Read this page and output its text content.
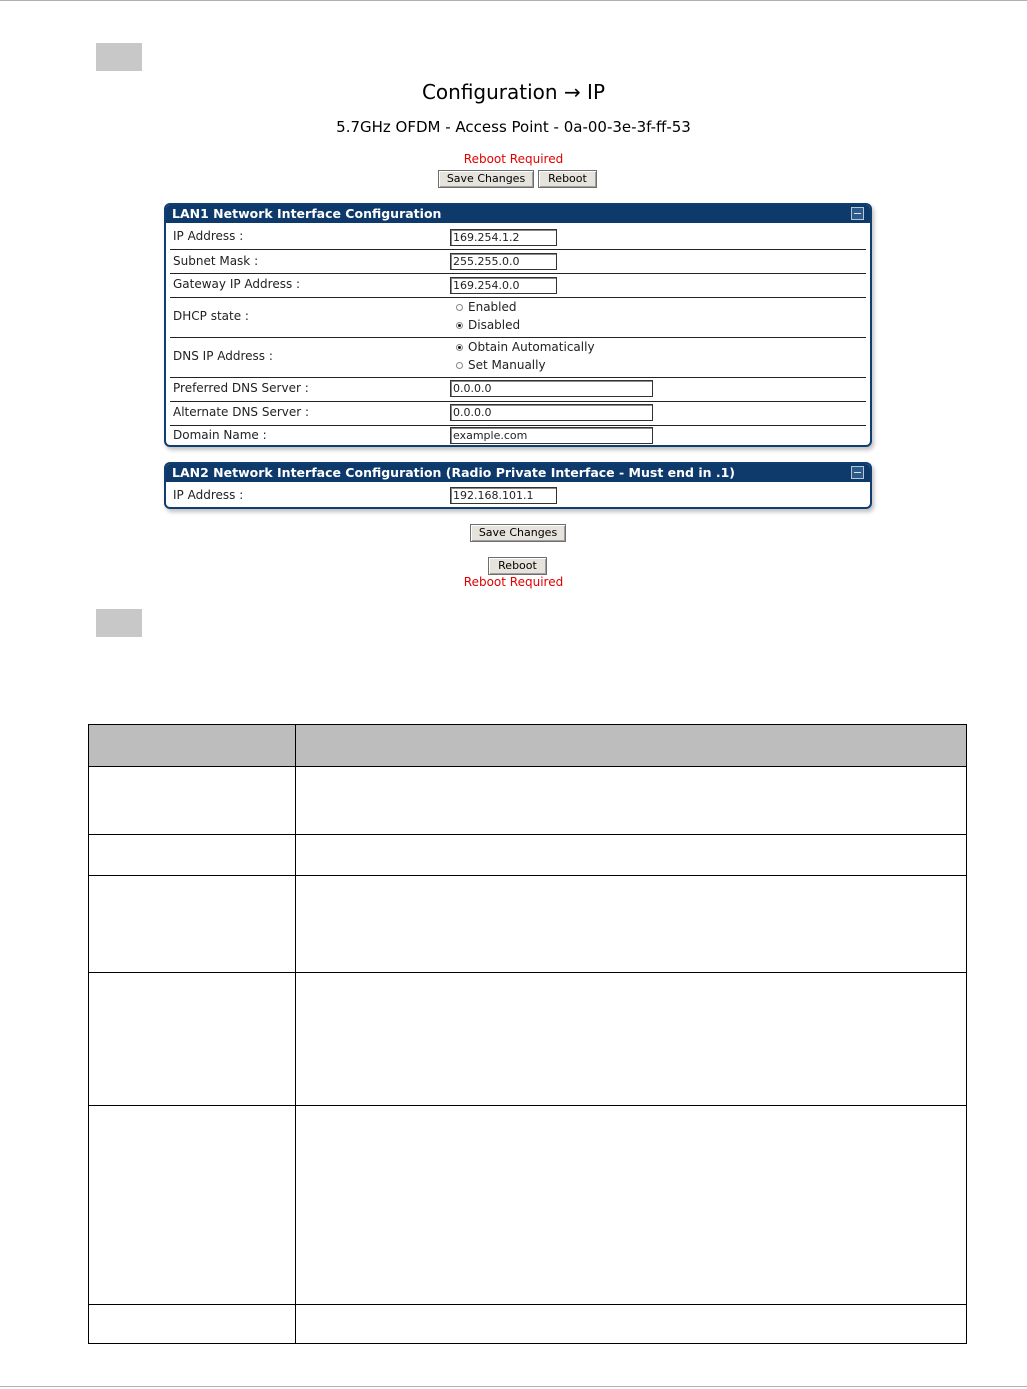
Configuration → IP
5.7GHz OFDM - Access Point - 0a-00-3e-3f-ff-53
Reboot Required
Save Changes	Reboot
LAN1 Network Interface Configuration
IP Address :	169.254.1.2
Subnet Mask :	255.255.0.0
Gateway IP Address :	169.254.0.0
DHCP state :
Enabled
Disabled
DNS IP Address :
Obtain Automatically
Set Manually
Preferred DNS Server :	0.0.0.0
Alternate DNS Server :	0.0.0.0
Domain Name :	example.com
LAN2 Network Interface Configuration (Radio Private Interface - Must end in .1)
IP Address :	192.168.101.1
Save Changes
Reboot
Reboot Required
